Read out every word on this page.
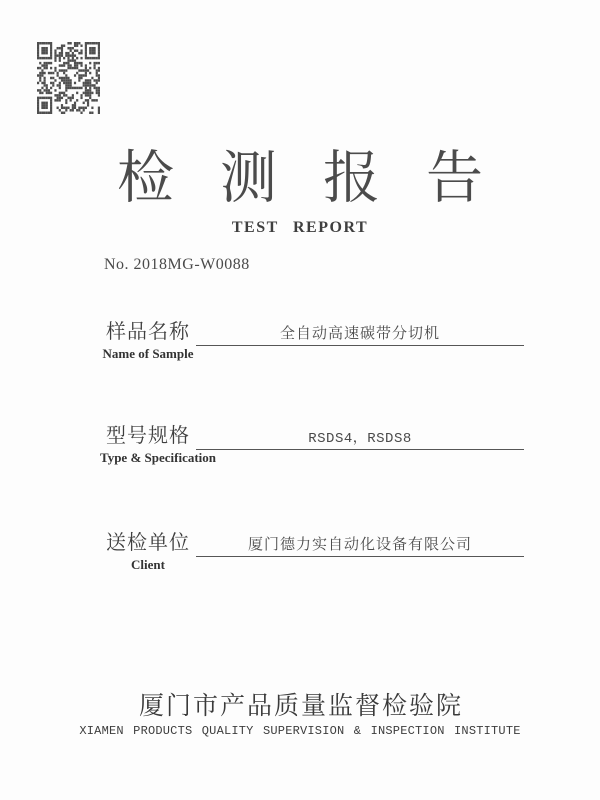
检测报告
TEST REPORT
No. 2018MG-W0088
样品名称
Name of Sample
全自动高速碳带分切机
型号规格
Type & Specification
RSDS4，RSDS8
送检单位
Client
厦门德力实自动化设备有限公司
厦门市产品质量监督检验院
XIAMEN PRODUCTS QUALITY SUPERVISION & INSPECTION INSTITUTE
